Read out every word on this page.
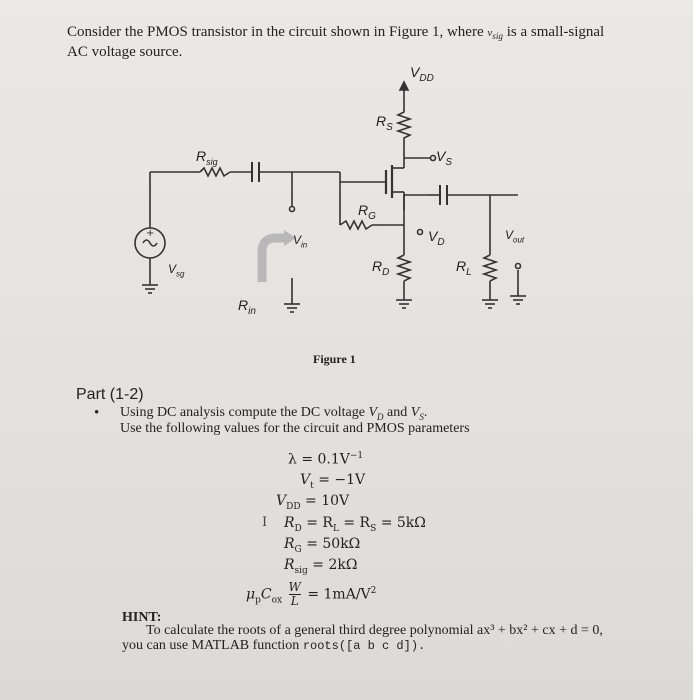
Consider the PMOS transistor in the circuit shown in Figure 1, where $v_{sig}$ is a small-signal
AC voltage source.
+
$V_{DD}$
$R_S$
$V_S$
$R_{sig}$
$R_G$
$V_D$
$V_{out}$
$V_{in}$
$V_{sg}$	$R_D$	$R_L$
$R_{in}$
Figure 1
Part (1-2)
• Using DC analysis compute the DC voltage $V_D$ and $V_S$.
Use the following values for the circuit and PMOS parameters
$\lambda = 0.1V^{-1}$
$V_t = -1V$
$V_{DD} = 10V$
I $R_D = R_L = R_S = 5k\Omega$
$R_G = 50k\Omega$
$R_{sig} = 2k\Omega$
$\mu_pC_{ox} \frac{W}{L} = 1mA/V^2$
HINT:
To calculate the roots of a general third degree polynomial ax³ + bx² + cx + d = 0,
you can use MATLAB function roots([a b c d]).
